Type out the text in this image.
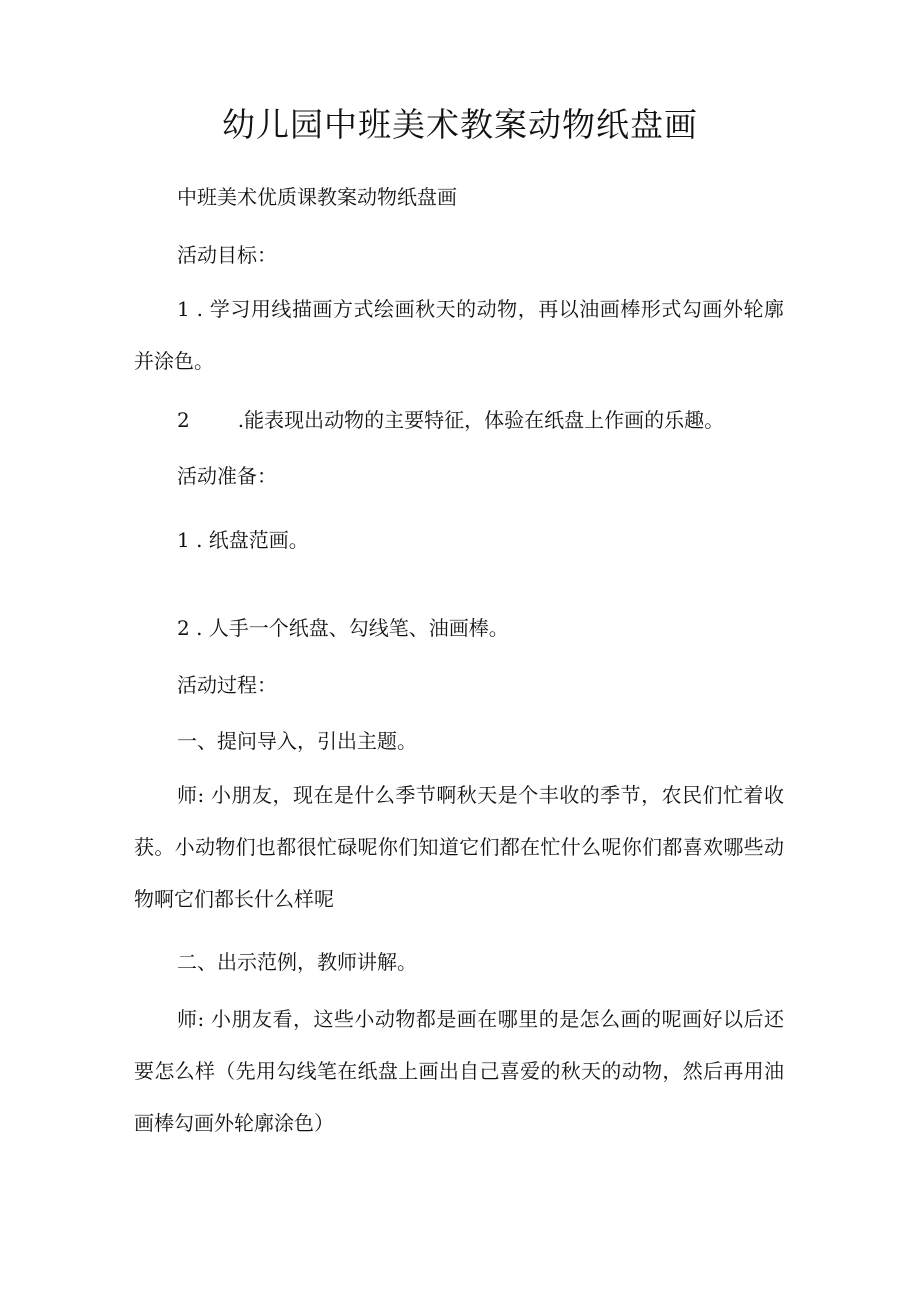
幼儿园中班美术教案动物纸盘画

中班美术优质课教案动物纸盘画

活动目标：

1 . 学习用线描画方式绘画秋天的动物，再以油画棒形式勾画外轮廓并涂色。

2 .能表现出动物的主要特征，体验在纸盘上作画的乐趣。

活动准备：

1 . 纸盘范画。

2 . 人手一个纸盘、勾线笔、油画棒。

活动过程：

一、提问导入，引出主题。

师: 小朋友，现在是什么季节啊秋天是个丰收的季节，农民们忙着收获。小动物们也都很忙碌呢你们知道它们都在忙什么呢你们都喜欢哪些动物啊它们都长什么样呢

二、出示范例，教师讲解。

师: 小朋友看，这些小动物都是画在哪里的是怎么画的呢画好以后还要怎么样（先用勾线笔在纸盘上画出自己喜爱的秋天的动物，然后再用油画棒勾画外轮廓涂色）
